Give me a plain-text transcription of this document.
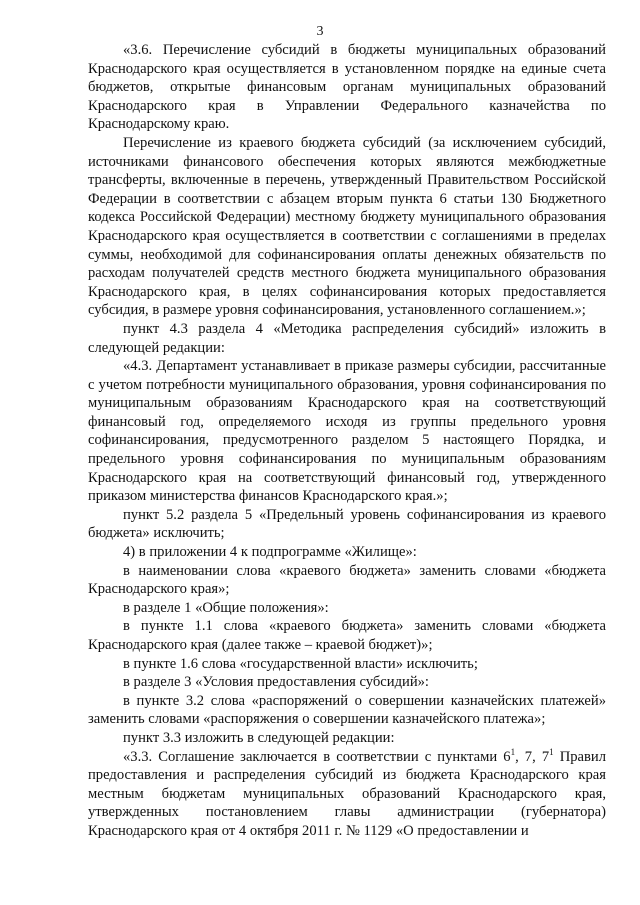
3

«3.6. Перечисление субсидий в бюджеты муниципальных образований Краснодарского края осуществляется в установленном порядке на единые счета бюджетов, открытые финансовым органам муниципальных образований Краснодарского края в Управлении Федерального казначейства по Краснодарскому краю.

Перечисление из краевого бюджета субсидий (за исключением субсидий, источниками финансового обеспечения которых являются межбюджетные трансферты, включенные в перечень, утвержденный Правительством Российской Федерации в соответствии с абзацем вторым пункта 6 статьи 130 Бюджетного кодекса Российской Федерации) местному бюджету муниципального образования Краснодарского края осуществляется в соответствии с соглашениями в пределах суммы, необходимой для софинансирования оплаты денежных обязательств по расходам получателей средств местного бюджета муниципального образования Краснодарского края, в целях софинансирования которых предоставляется субсидия, в размере уровня софинансирования, установленного соглашением.»;

пункт 4.3 раздела 4 «Методика распределения субсидий» изложить в следующей редакции:

«4.3. Департамент устанавливает в приказе размеры субсидии, рассчитанные с учетом потребности муниципального образования, уровня софинансирования по муниципальным образованиям Краснодарского края на соответствующий финансовый год, определяемого исходя из группы предельного уровня софинансирования, предусмотренного разделом 5 настоящего Порядка, и предельного уровня софинансирования по муниципальным образованиям Краснодарского края на соответствующий финансовый год, утвержденного приказом министерства финансов Краснодарского края.»;

пункт 5.2 раздела 5 «Предельный уровень софинансирования из краевого бюджета» исключить;

4) в приложении 4 к подпрограмме «Жилище»:

в наименовании слова «краевого бюджета» заменить словами «бюджета Краснодарского края»;

в разделе 1 «Общие положения»:

в пункте 1.1 слова «краевого бюджета» заменить словами «бюджета Краснодарского края (далее также – краевой бюджет)»;

в пункте 1.6 слова «государственной власти» исключить;

в разделе 3 «Условия предоставления субсидий»:

в пункте 3.2 слова «распоряжений о совершении казначейских платежей» заменить словами «распоряжения о совершении казначейского платежа»;

пункт 3.3 изложить в следующей редакции:

«3.3. Соглашение заключается в соответствии с пунктами $6^1$, 7, $7^1$ Правил предоставления и распределения субсидий из бюджета Краснодарского края местным бюджетам муниципальных образований Краснодарского края, утвержденных постановлением главы администрации (губернатора) Краснодарского края от 4 октября 2011 г. № 1129 «О предоставлении и
